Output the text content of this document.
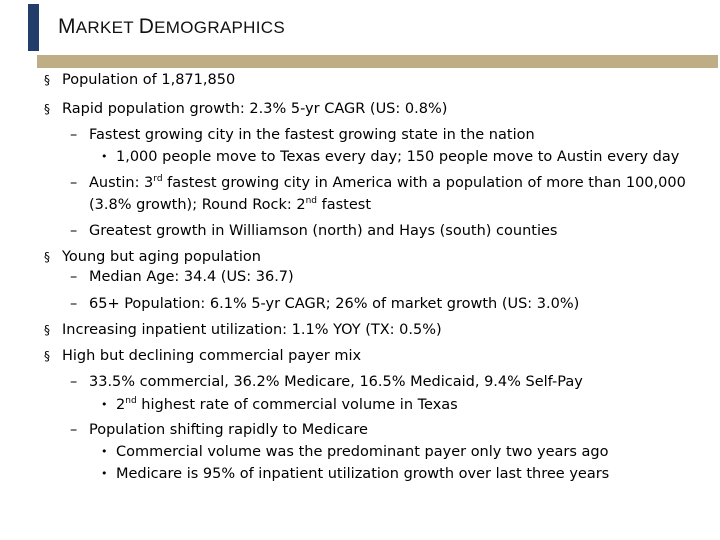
MARKET DEMOGRAPHICS
§ Population of 1,871,850
§ Rapid population growth: 2.3% 5-yr CAGR (US: 0.8%)
– Fastest growing city in the fastest growing state in the nation
• 1,000 people move to Texas every day; 150 people move to Austin every day
– Austin: 3rd fastest growing city in America with a population of more than 100,000
(3.8% growth); Round Rock: 2nd fastest
– Greatest growth in Williamson (north) and Hays (south) counties
§ Young but aging population
– Median Age: 34.4 (US: 36.7)
– 65+ Population: 6.1% 5-yr CAGR; 26% of market growth (US: 3.0%)
§ Increasing inpatient utilization: 1.1% YOY (TX: 0.5%)
§ High but declining commercial payer mix
– 33.5% commercial, 36.2% Medicare, 16.5% Medicaid, 9.4% Self-Pay
• 2nd highest rate of commercial volume in Texas
– Population shifting rapidly to Medicare
• Commercial volume was the predominant payer only two years ago
• Medicare is 95% of inpatient utilization growth over last three years
